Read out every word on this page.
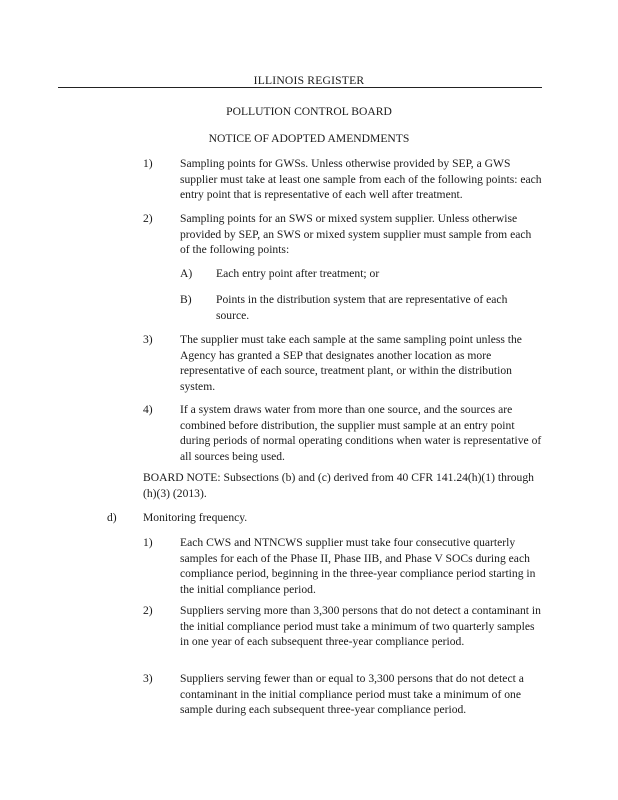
ILLINOIS REGISTER
POLLUTION CONTROL BOARD
NOTICE OF ADOPTED AMENDMENTS
1) Sampling points for GWSs. Unless otherwise provided by SEP, a GWS supplier must take at least one sample from each of the following points: each entry point that is representative of each well after treatment.

2) Sampling points for an SWS or mixed system supplier. Unless otherwise provided by SEP, an SWS or mixed system supplier must sample from each of the following points:

A) Each entry point after treatment; or

B) Points in the distribution system that are representative of each source.

3) The supplier must take each sample at the same sampling point unless the Agency has granted a SEP that designates another location as more representative of each source, treatment plant, or within the distribution system.

4) If a system draws water from more than one source, and the sources are combined before distribution, the supplier must sample at an entry point during periods of normal operating conditions when water is representative of all sources being used.

BOARD NOTE: Subsections (b) and (c) derived from 40 CFR 141.24(h)(1) through (h)(3) (2013).

d) Monitoring frequency.

1) Each CWS and NTNCWS supplier must take four consecutive quarterly samples for each of the Phase II, Phase IIB, and Phase V SOCs during each compliance period, beginning in the three-year compliance period starting in the initial compliance period.

2) Suppliers serving more than 3,300 persons that do not detect a contaminant in the initial compliance period must take a minimum of two quarterly samples in one year of each subsequent three-year compliance period.

3) Suppliers serving fewer than or equal to 3,300 persons that do not detect a contaminant in the initial compliance period must take a minimum of one sample during each subsequent three-year compliance period.
